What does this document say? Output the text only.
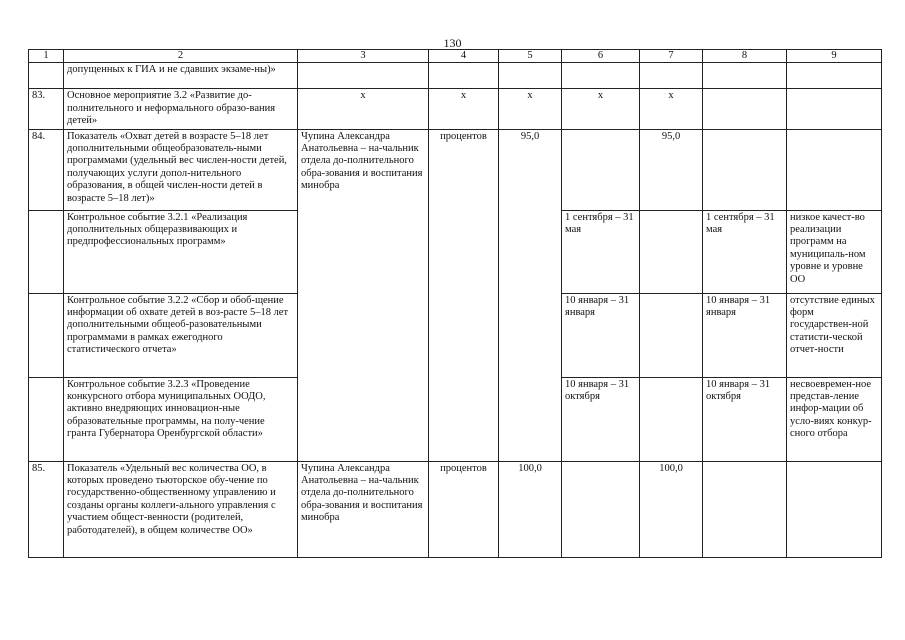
130
1	2	3	4	5	6	7	8	9
	допущенных к ГИА и не сдавших экзаме-ны)»							
83.	Основное мероприятие 3.2 «Развитие до-полнительного и неформального образо-вания детей»	х	х	х	х	х		
84.	Показатель «Охват детей в возрасте 5–18 лет дополнительными общеобразователь-ными программами (удельный вес числен-ности детей, получающих услуги допол-нительного образования, в общей числен-ности детей в возрасте 5–18 лет)»	Чупина Александра Анатольевна – на-чальник отдела до-полнительного обра-зования и воспитания минобра	процентов	95,0		95,0		
	Контрольное событие 3.2.1 «Реализация дополнительных общеразвивающих и предпрофессиональных программ»				1 сентября – 31 мая		1 сентября – 31 мая	низкое качест-во реализации программ на муниципаль-ном уровне и уровне ОО
	Контрольное событие 3.2.2 «Сбор и обоб-щение информации об охвате детей в воз-расте 5–18 лет дополнительными общеоб-разовательными программами в рамках ежегодного статистического отчета»				10 января – 31 января		10 января – 31 января	отсутствие единых форм государствен-ной статисти-ческой отчет-ности
	Контрольное событие 3.2.3 «Проведение конкурсного отбора муниципальных ООДО, активно внедряющих инновацион-ные образовательные программы, на полу-чение гранта Губернатора Оренбургской области»				10 января – 31 октября		10 января – 31 октября	несвоевремен-ное представ-ление инфор-мации об усло-виях конкур-сного отбора
85.	Показатель «Удельный вес количества ОО, в которых проведено тьюторское обу-чение по государственно-общественному управлению и созданы органы коллеги-ального управления с участием общест-венности (родителей, работодателей), в общем количестве ОО»	Чупина Александра Анатольевна – на-чальник отдела до-полнительного обра-зования и воспитания минобра	процентов	100,0		100,0		
